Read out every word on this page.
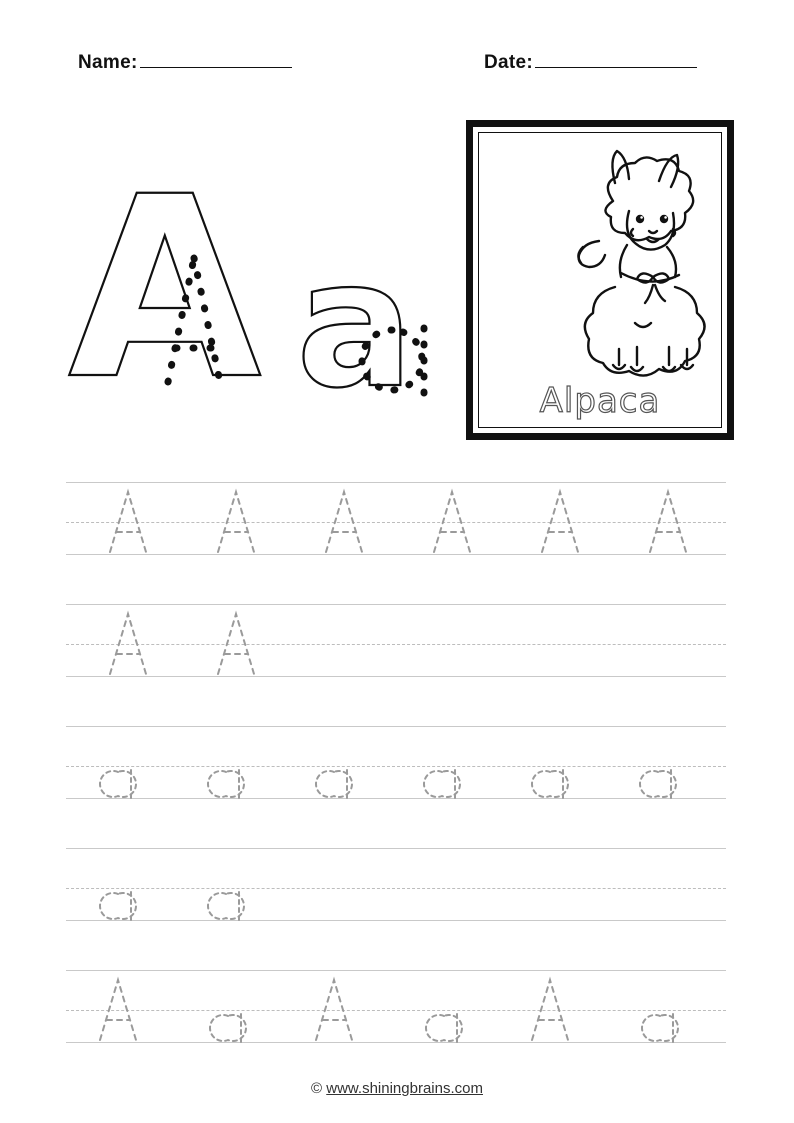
Name:	Date:
A a	Alpaca
© www.shiningbrains.com
